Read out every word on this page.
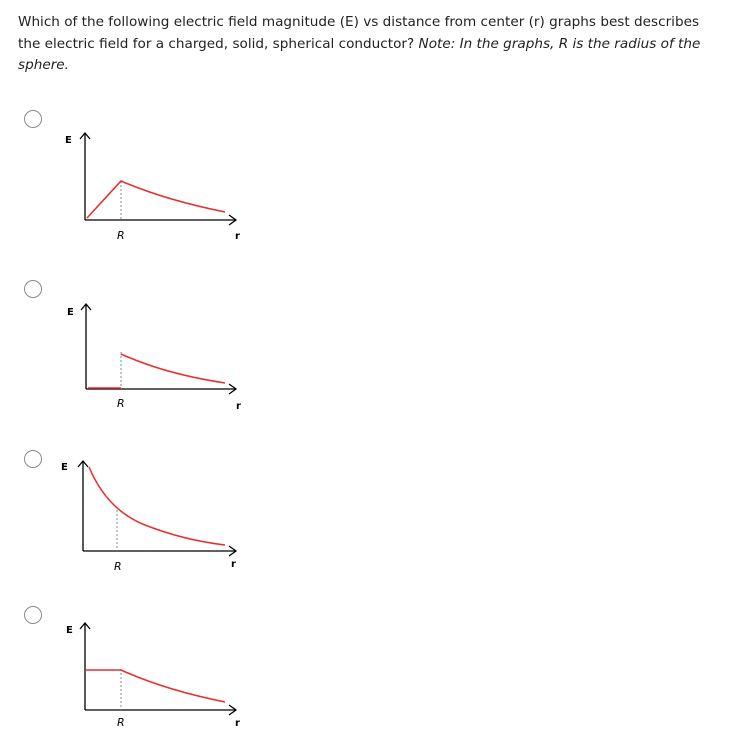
Which of the following electric field magnitude (E) vs distance from center (r) graphs best describes the electric field for a charged, solid, spherical conductor? Note: In the graphs, R is the radius of the sphere.

E
R	r
E
R	r
E
R	r
E
R	r
